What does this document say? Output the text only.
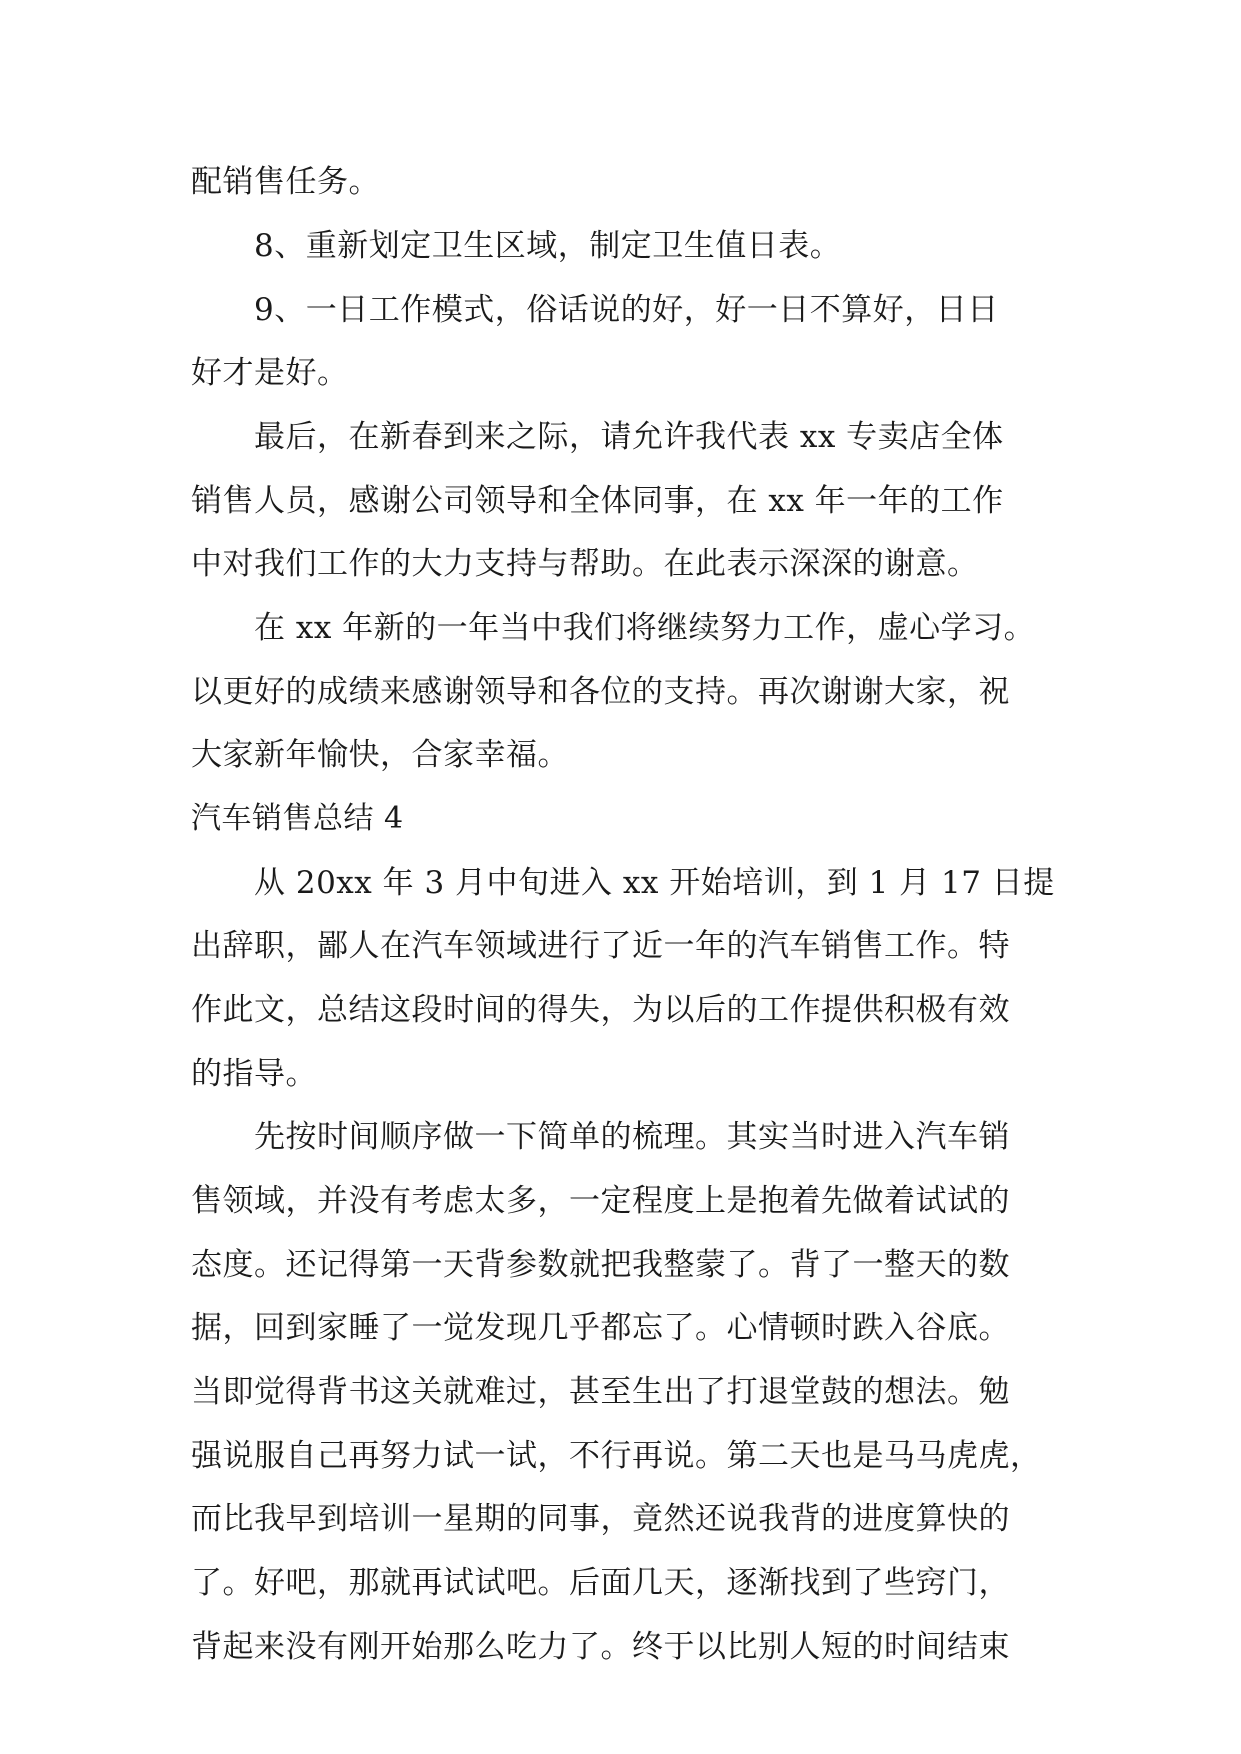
配销售任务。
8、重新划定卫生区域，制定卫生值日表。
9、一日工作模式，俗话说的好，好一日不算好，日日
好才是好。
最后，在新春到来之际，请允许我代表 xx 专卖店全体
销售人员，感谢公司领导和全体同事，在 xx 年一年的工作
中对我们工作的大力支持与帮助。在此表示深深的谢意。
在 xx 年新的一年当中我们将继续努力工作，虚心学习。
以更好的成绩来感谢领导和各位的支持。再次谢谢大家，祝
大家新年愉快，合家幸福。
汽车销售总结 4
从 20xx 年 3 月中旬进入 xx 开始培训，到 1 月 17 日提
出辞职，鄙人在汽车领域进行了近一年的汽车销售工作。特
作此文，总结这段时间的得失，为以后的工作提供积极有效
的指导。
先按时间顺序做一下简单的梳理。其实当时进入汽车销
售领域，并没有考虑太多，一定程度上是抱着先做着试试的
态度。还记得第一天背参数就把我整蒙了。背了一整天的数
据，回到家睡了一觉发现几乎都忘了。心情顿时跌入谷底。
当即觉得背书这关就难过，甚至生出了打退堂鼓的想法。勉
强说服自己再努力试一试，不行再说。第二天也是马马虎虎，
而比我早到培训一星期的同事，竟然还说我背的进度算快的
了。好吧，那就再试试吧。后面几天，逐渐找到了些窍门，
背起来没有刚开始那么吃力了。终于以比别人短的时间结束
